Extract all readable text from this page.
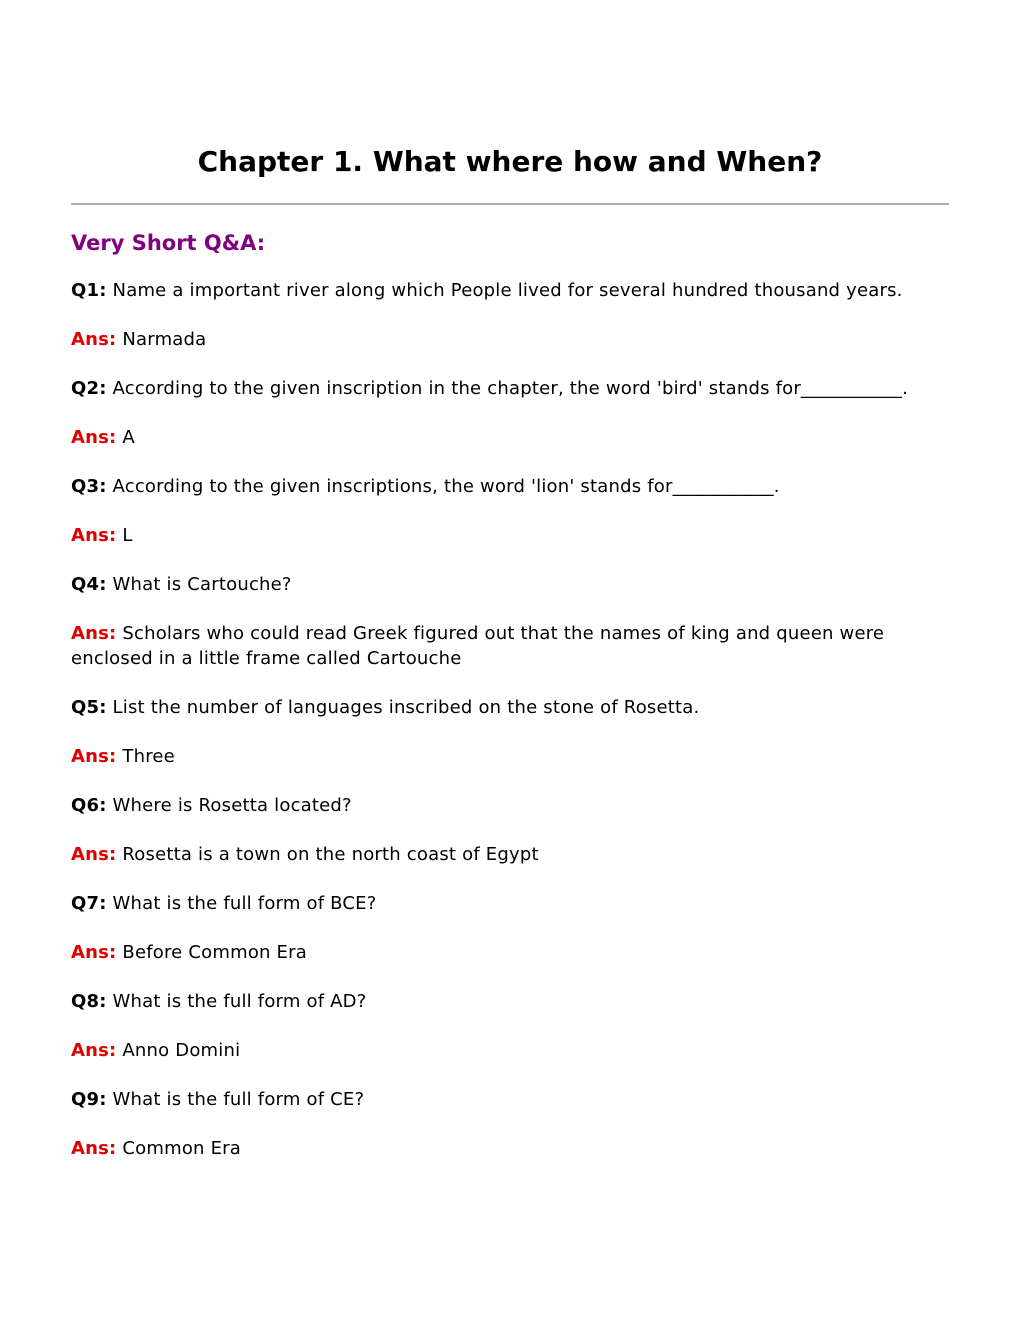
Chapter 1. What where how and When?
Very Short Q&A:

Q1: Name a important river along which People lived for several hundred thousand years.

Ans: Narmada

Q2: According to the given inscription in the chapter, the word 'bird' stands for___________.

Ans: A

Q3: According to the given inscriptions, the word 'lion' stands for___________.

Ans: L

Q4: What is Cartouche?

Ans: Scholars who could read Greek figured out that the names of king and queen were enclosed in a little frame called Cartouche

Q5: List the number of languages inscribed on the stone of Rosetta.

Ans: Three

Q6: Where is Rosetta located?

Ans: Rosetta is a town on the north coast of Egypt

Q7: What is the full form of BCE?

Ans: Before Common Era

Q8: What is the full form of AD?

Ans: Anno Domini

Q9: What is the full form of CE?

Ans: Common Era
